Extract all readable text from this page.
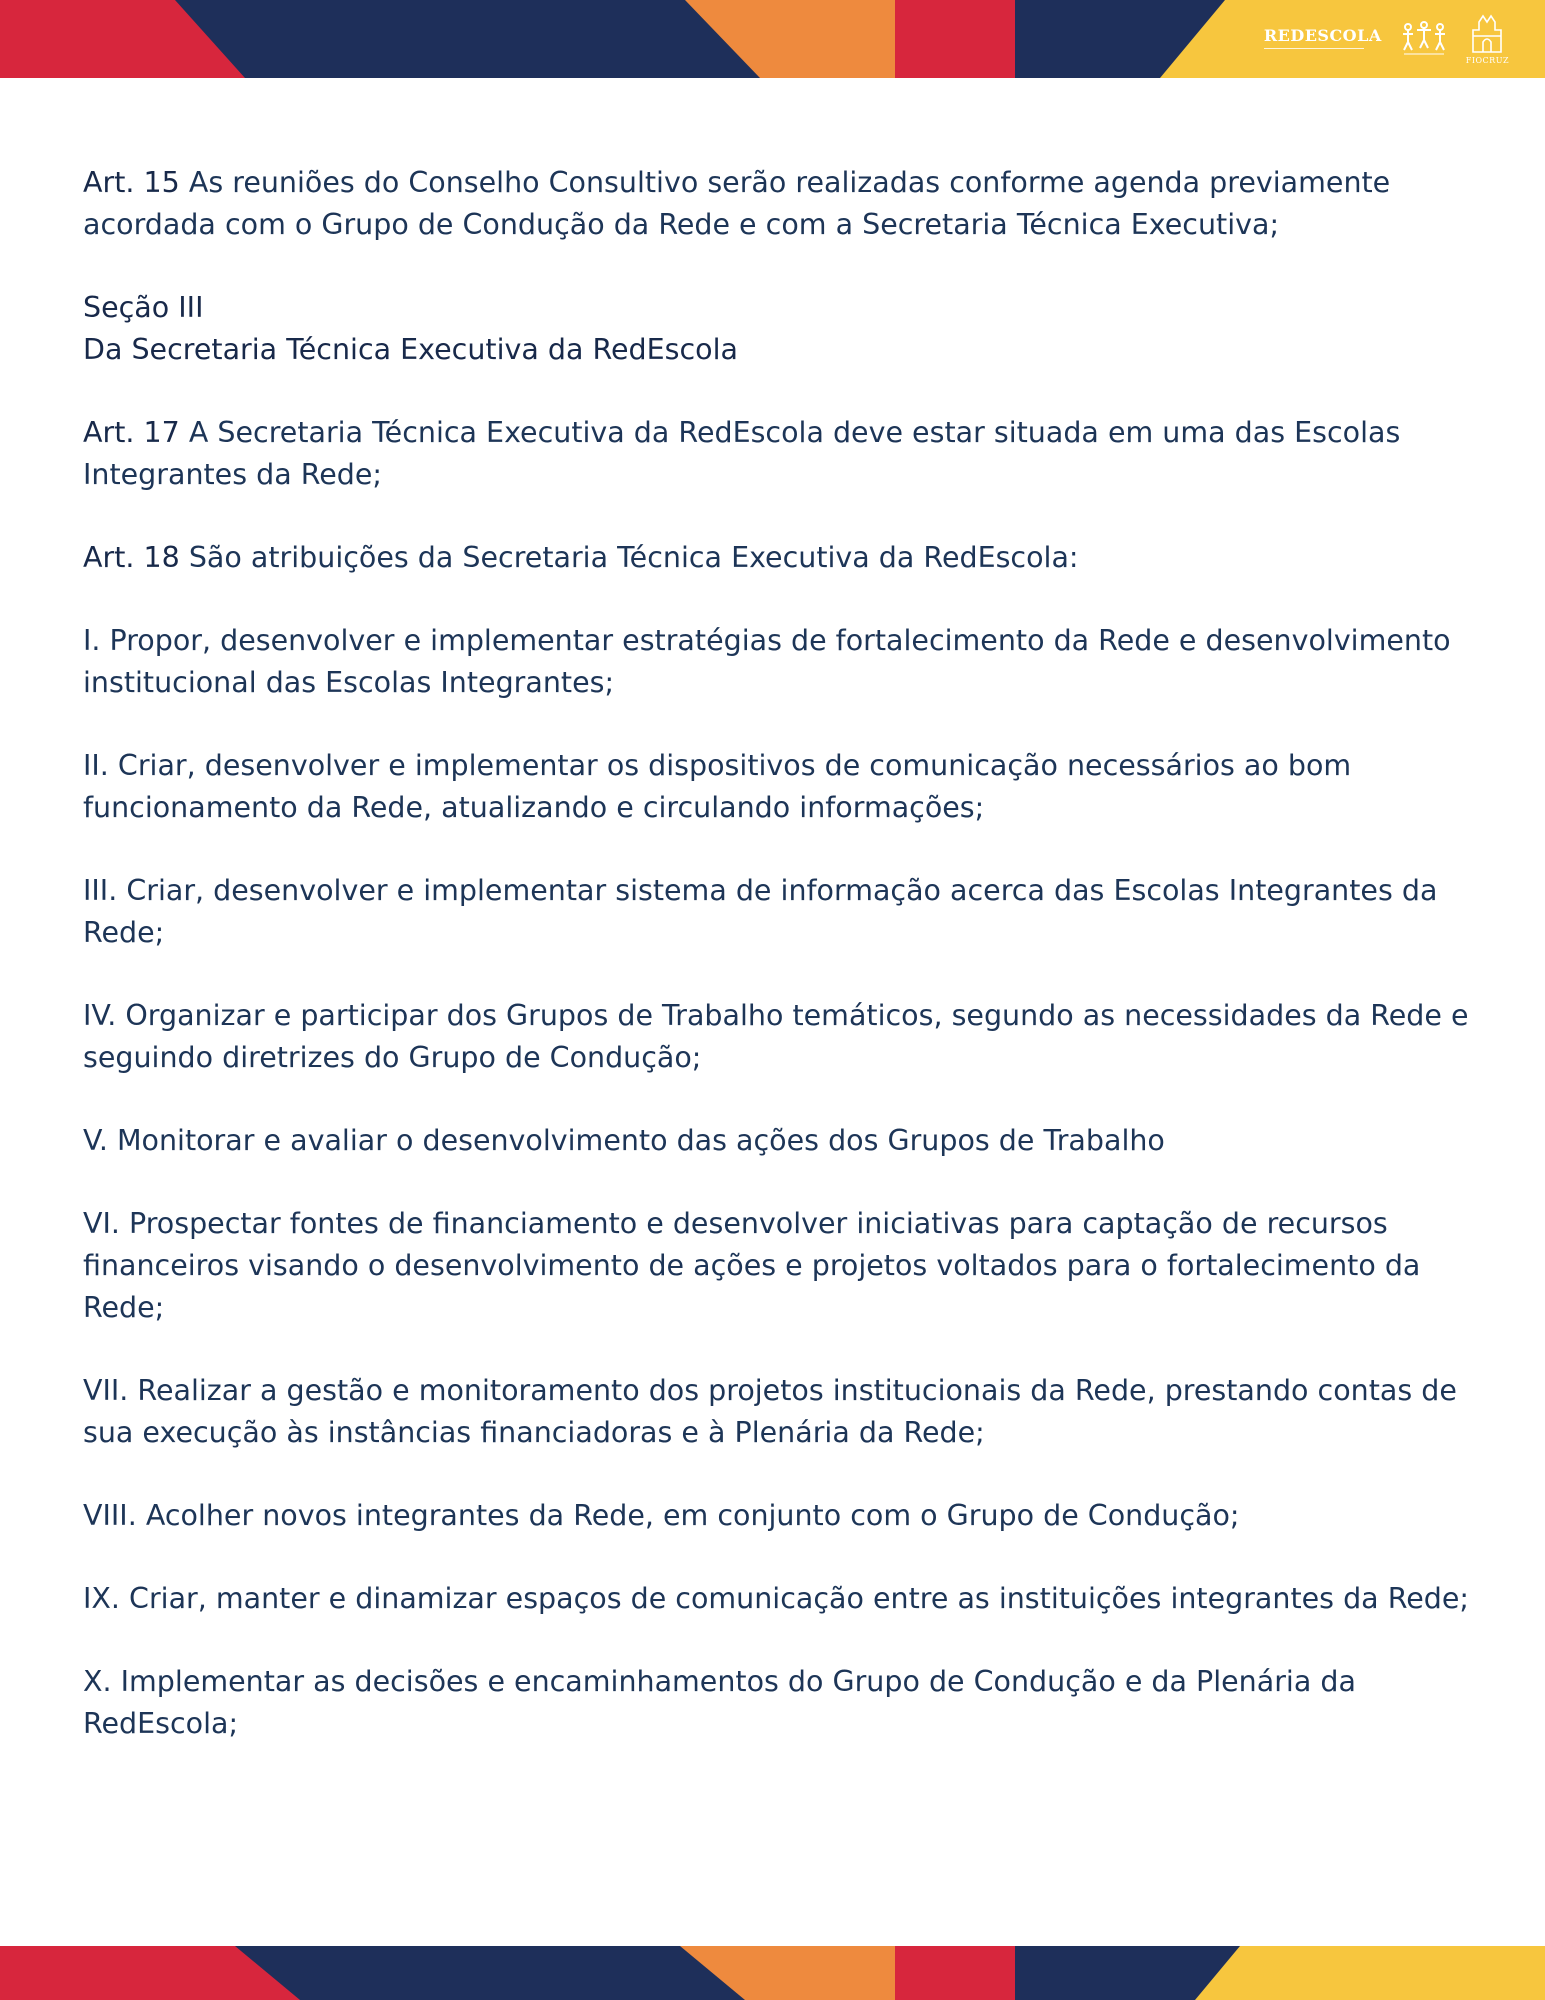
REDESCOLA
FIOCRUZ

Art. 15 As reuniões do Conselho Consultivo serão realizadas conforme agenda previamente acordada com o Grupo de Condução da Rede e com a Secretaria Técnica Executiva;

Seção III
Da Secretaria Técnica Executiva da RedEscola

Art. 17 A Secretaria Técnica Executiva da RedEscola deve estar situada em uma das Escolas Integrantes da Rede;

Art. 18 São atribuições da Secretaria Técnica Executiva da RedEscola:

I. Propor, desenvolver e implementar estratégias de fortalecimento da Rede e desenvolvimento institucional das Escolas Integrantes;

II. Criar, desenvolver e implementar os dispositivos de comunicação necessários ao bom funcionamento da Rede, atualizando e circulando informações;

III. Criar, desenvolver e implementar sistema de informação acerca das Escolas Integrantes da Rede;

IV. Organizar e participar dos Grupos de Trabalho temáticos, segundo as necessidades da Rede e seguindo diretrizes do Grupo de Condução;

V. Monitorar e avaliar o desenvolvimento das ações dos Grupos de Trabalho

VI. Prospectar fontes de financiamento e desenvolver iniciativas para captação de recursos financeiros visando o desenvolvimento de ações e projetos voltados para o fortalecimento da Rede;

VII. Realizar a gestão e monitoramento dos projetos institucionais da Rede, prestando contas de sua execução às instâncias financiadoras e à Plenária da Rede;

VIII. Acolher novos integrantes da Rede, em conjunto com o Grupo de Condução;

IX. Criar, manter e dinamizar espaços de comunicação entre as instituições integrantes da Rede;

X. Implementar as decisões e encaminhamentos do Grupo de Condução e da Plenária da RedEscola;
